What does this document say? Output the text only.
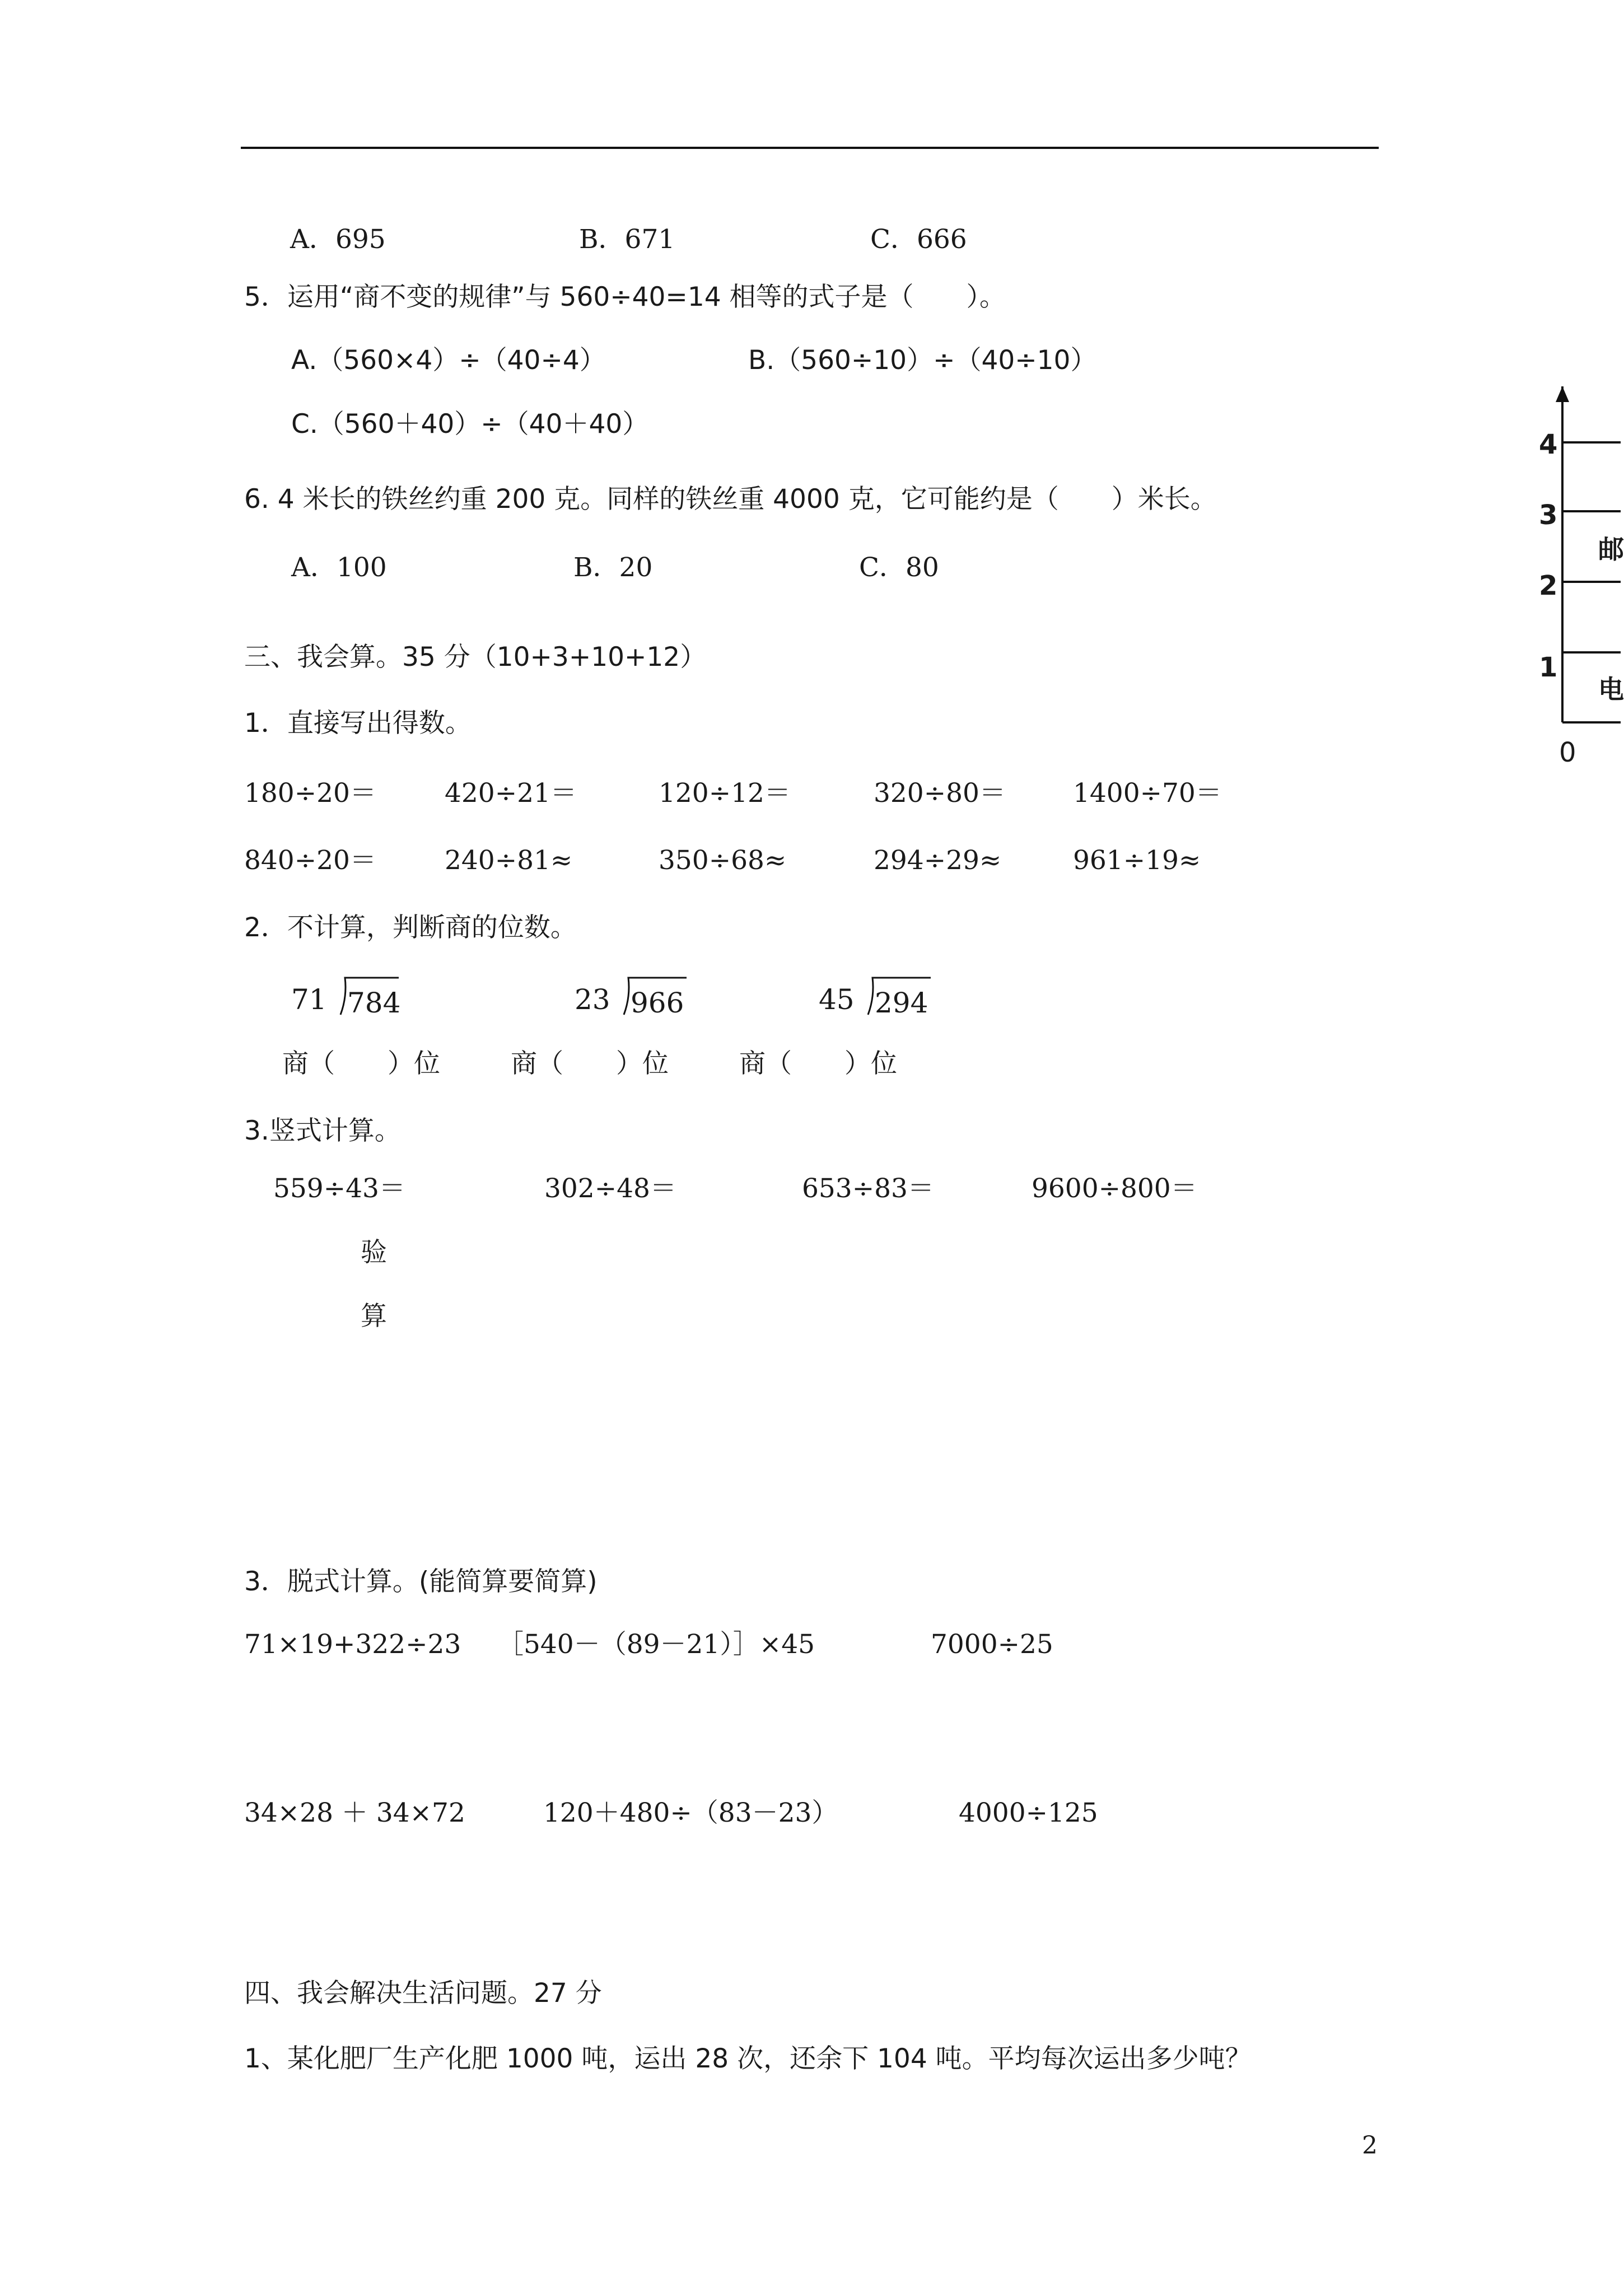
A．695	B．671	C．666
5．运用“商不变的规律”与 560÷40=14 相等的式子是（　　）。
A.（560×4）÷（40÷4）	B.（560÷10）÷（40÷10）
C.（560＋40）÷（40＋40）
6. 4 米长的铁丝约重 200 克。同样的铁丝重 4000 克，它可能约是（　　）米长。
A．100	B．20	C．80
三、我会算。35 分（10+3+10+12）
1．直接写出得数。
180÷20＝	420÷21＝	120÷12＝	320÷80＝	1400÷70＝
840÷20＝	240÷81≈	350÷68≈	294÷29≈	961÷19≈
2．不计算，判断商的位数。
71 784	23 966	45 294
商（　　）位	商（　　）位	商（　　）位
3.竖式计算。
559÷43＝	302÷48＝	653÷83＝	9600÷800＝
验
算
3．脱式计算。(能简算要简算)
71×19+322÷23 ［540－（89－21）］×45	7000÷25
34×28 ＋ 34×72	120＋480÷（83－23）	4000÷125
四、我会解决生活问题。27 分
1、某化肥厂生产化肥 1000 吨，运出 28 次，还余下 104 吨。平均每次运出多少吨？
2
4
3
2
1
0
邮
电
